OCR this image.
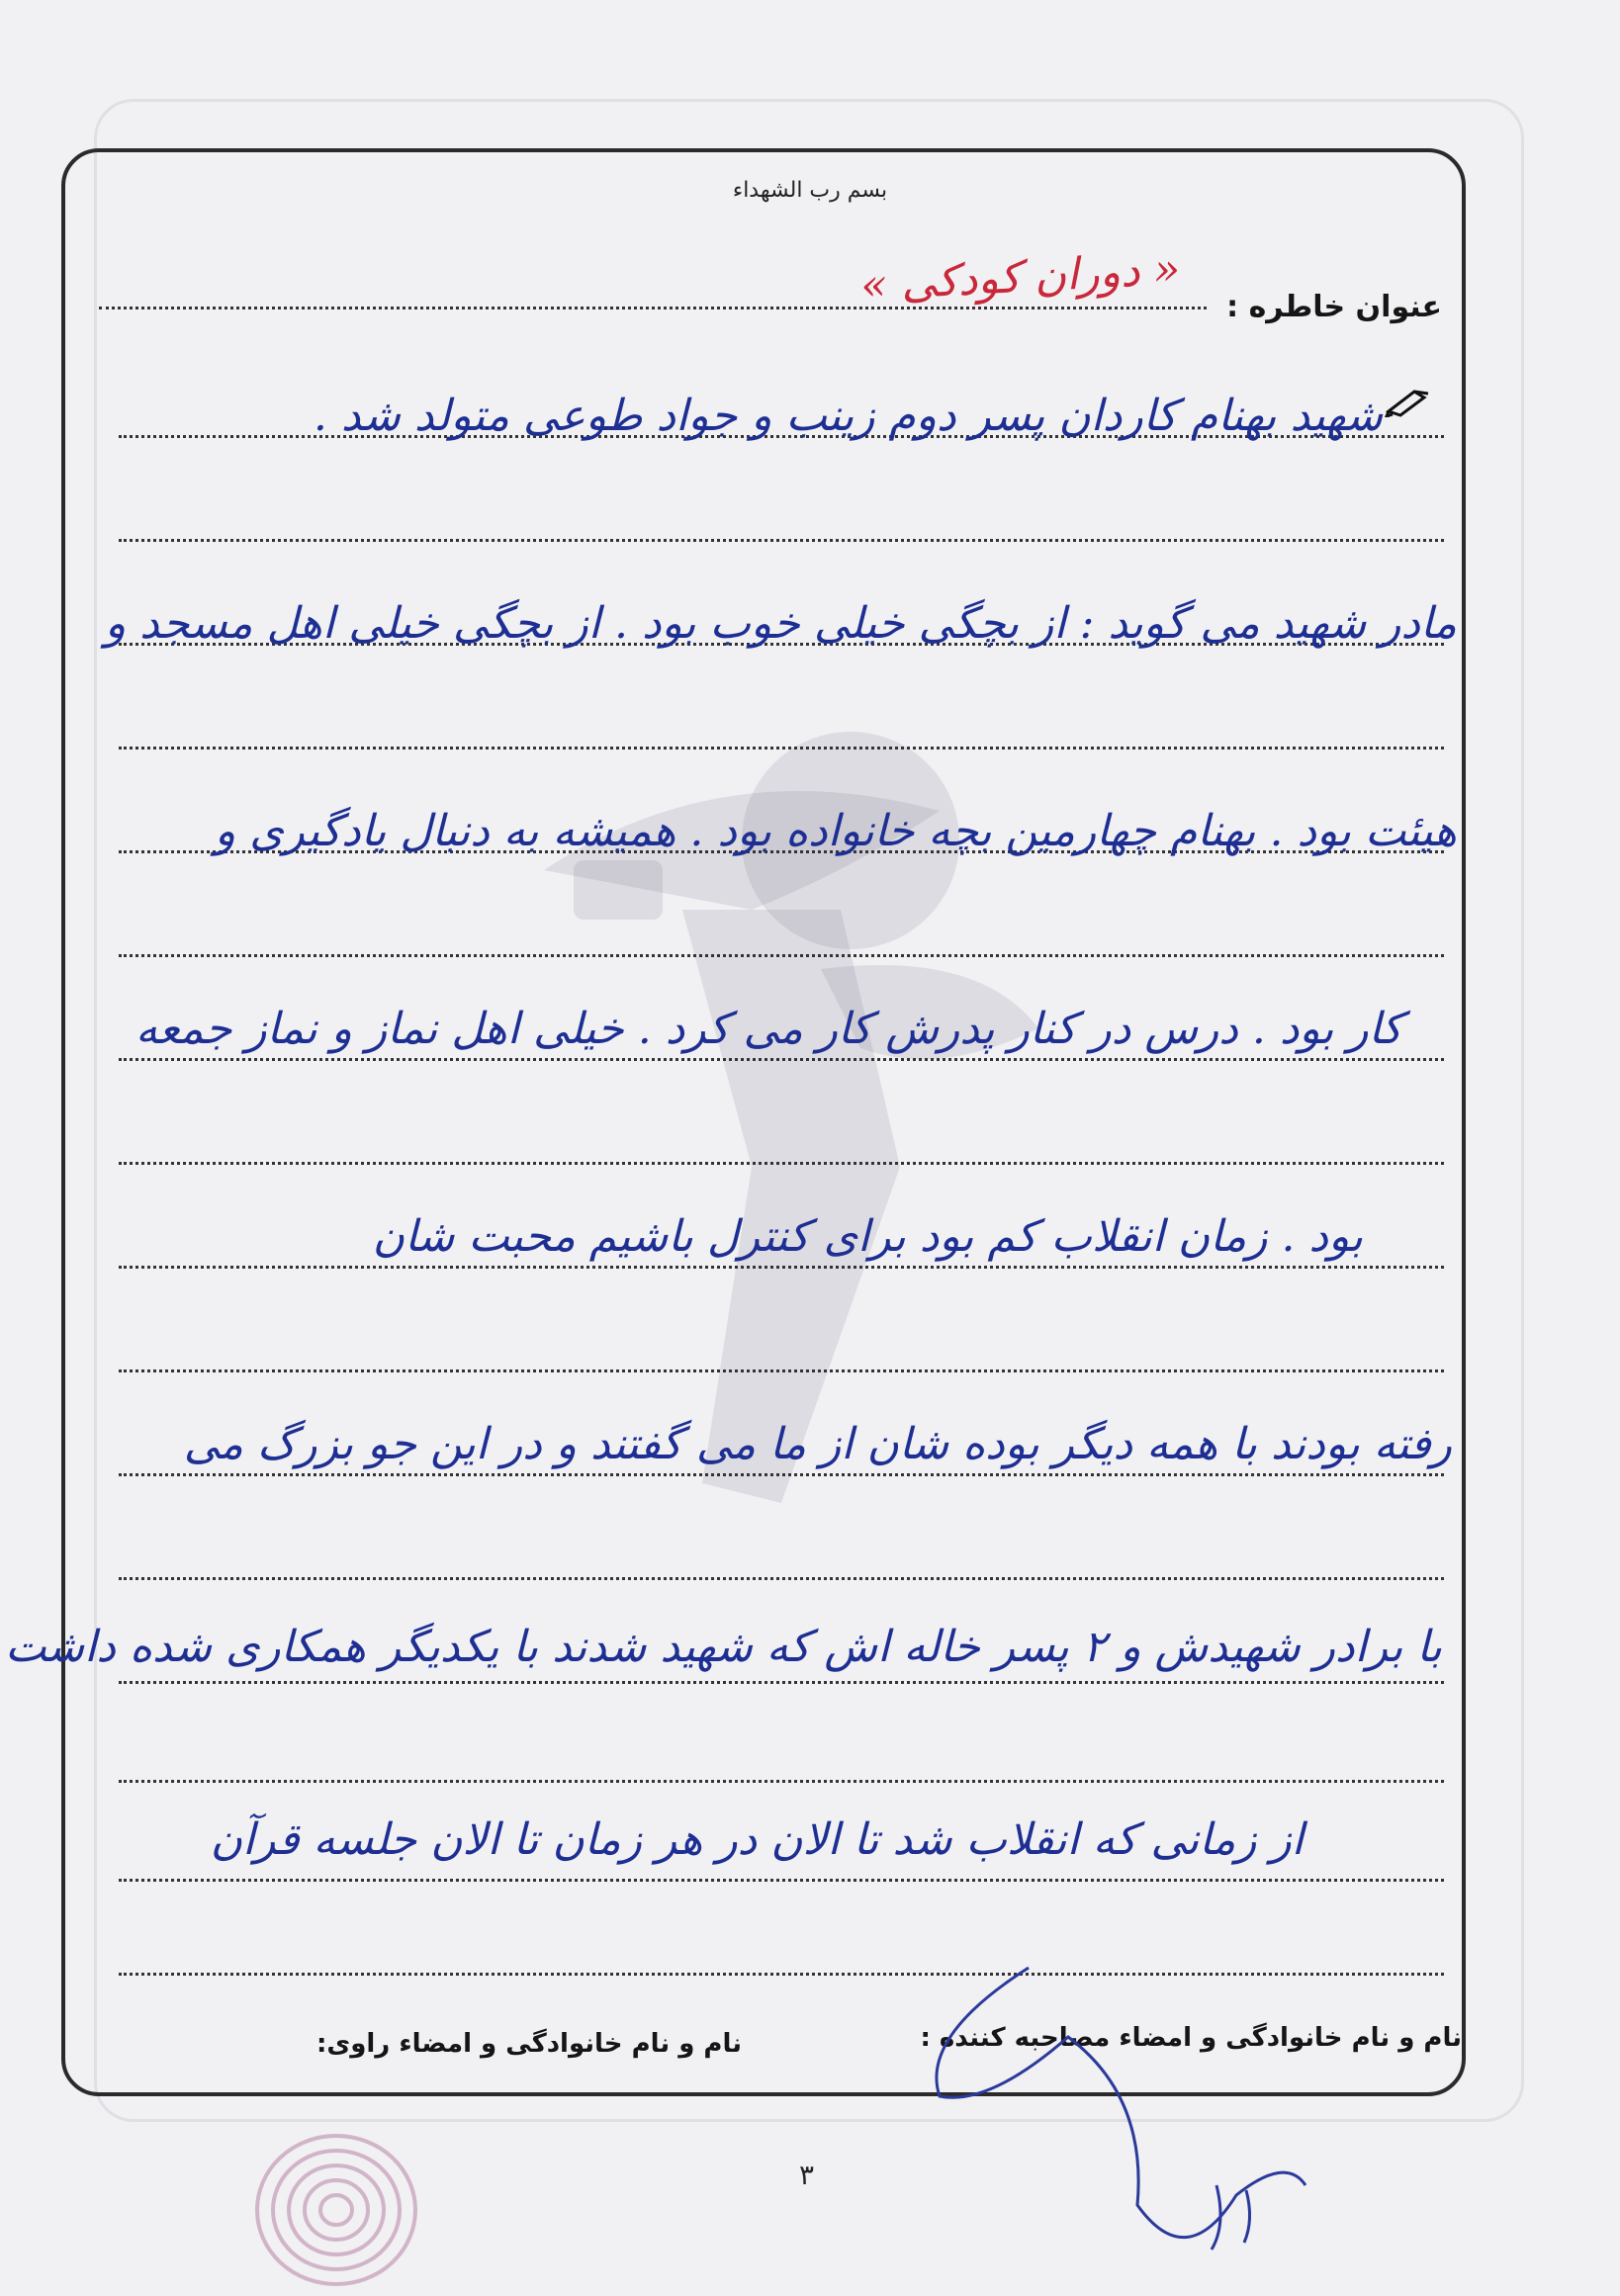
بسم رب الشهداء
عنوان خاطره :
« دوران کودکی »
شهید بهنام کاردان پسر دوم زینب و جواد طوعی متولد شد .
مادر شهید می گوید : از بچگی خیلی خوب بود . از بچگی خیلی اهل مسجد و
هیئت بود . بهنام چهارمین بچه خانواده بود . همیشه به دنبال یادگیری و
کار بود . درس در کنار پدرش کار می کرد . خیلی اهل نماز و نماز جمعه
بود . زمان انقلاب کم بود برای کنترل باشیم محبت شان
رفته بودند با همه دیگر بوده شان از ما می گفتند و در این جو بزرگ می
با برادر شهیدش و ۲ پسر خاله اش که شهید شدند با یکدیگر همکاری شده داشت
از زمانی که انقلاب شد تا الان در هر زمان تا الان جلسه قرآن
نام و نام خانوادگی و امضاء مصاحبه کننده :
نام و نام خانوادگی و امضاء راوی:
۳
